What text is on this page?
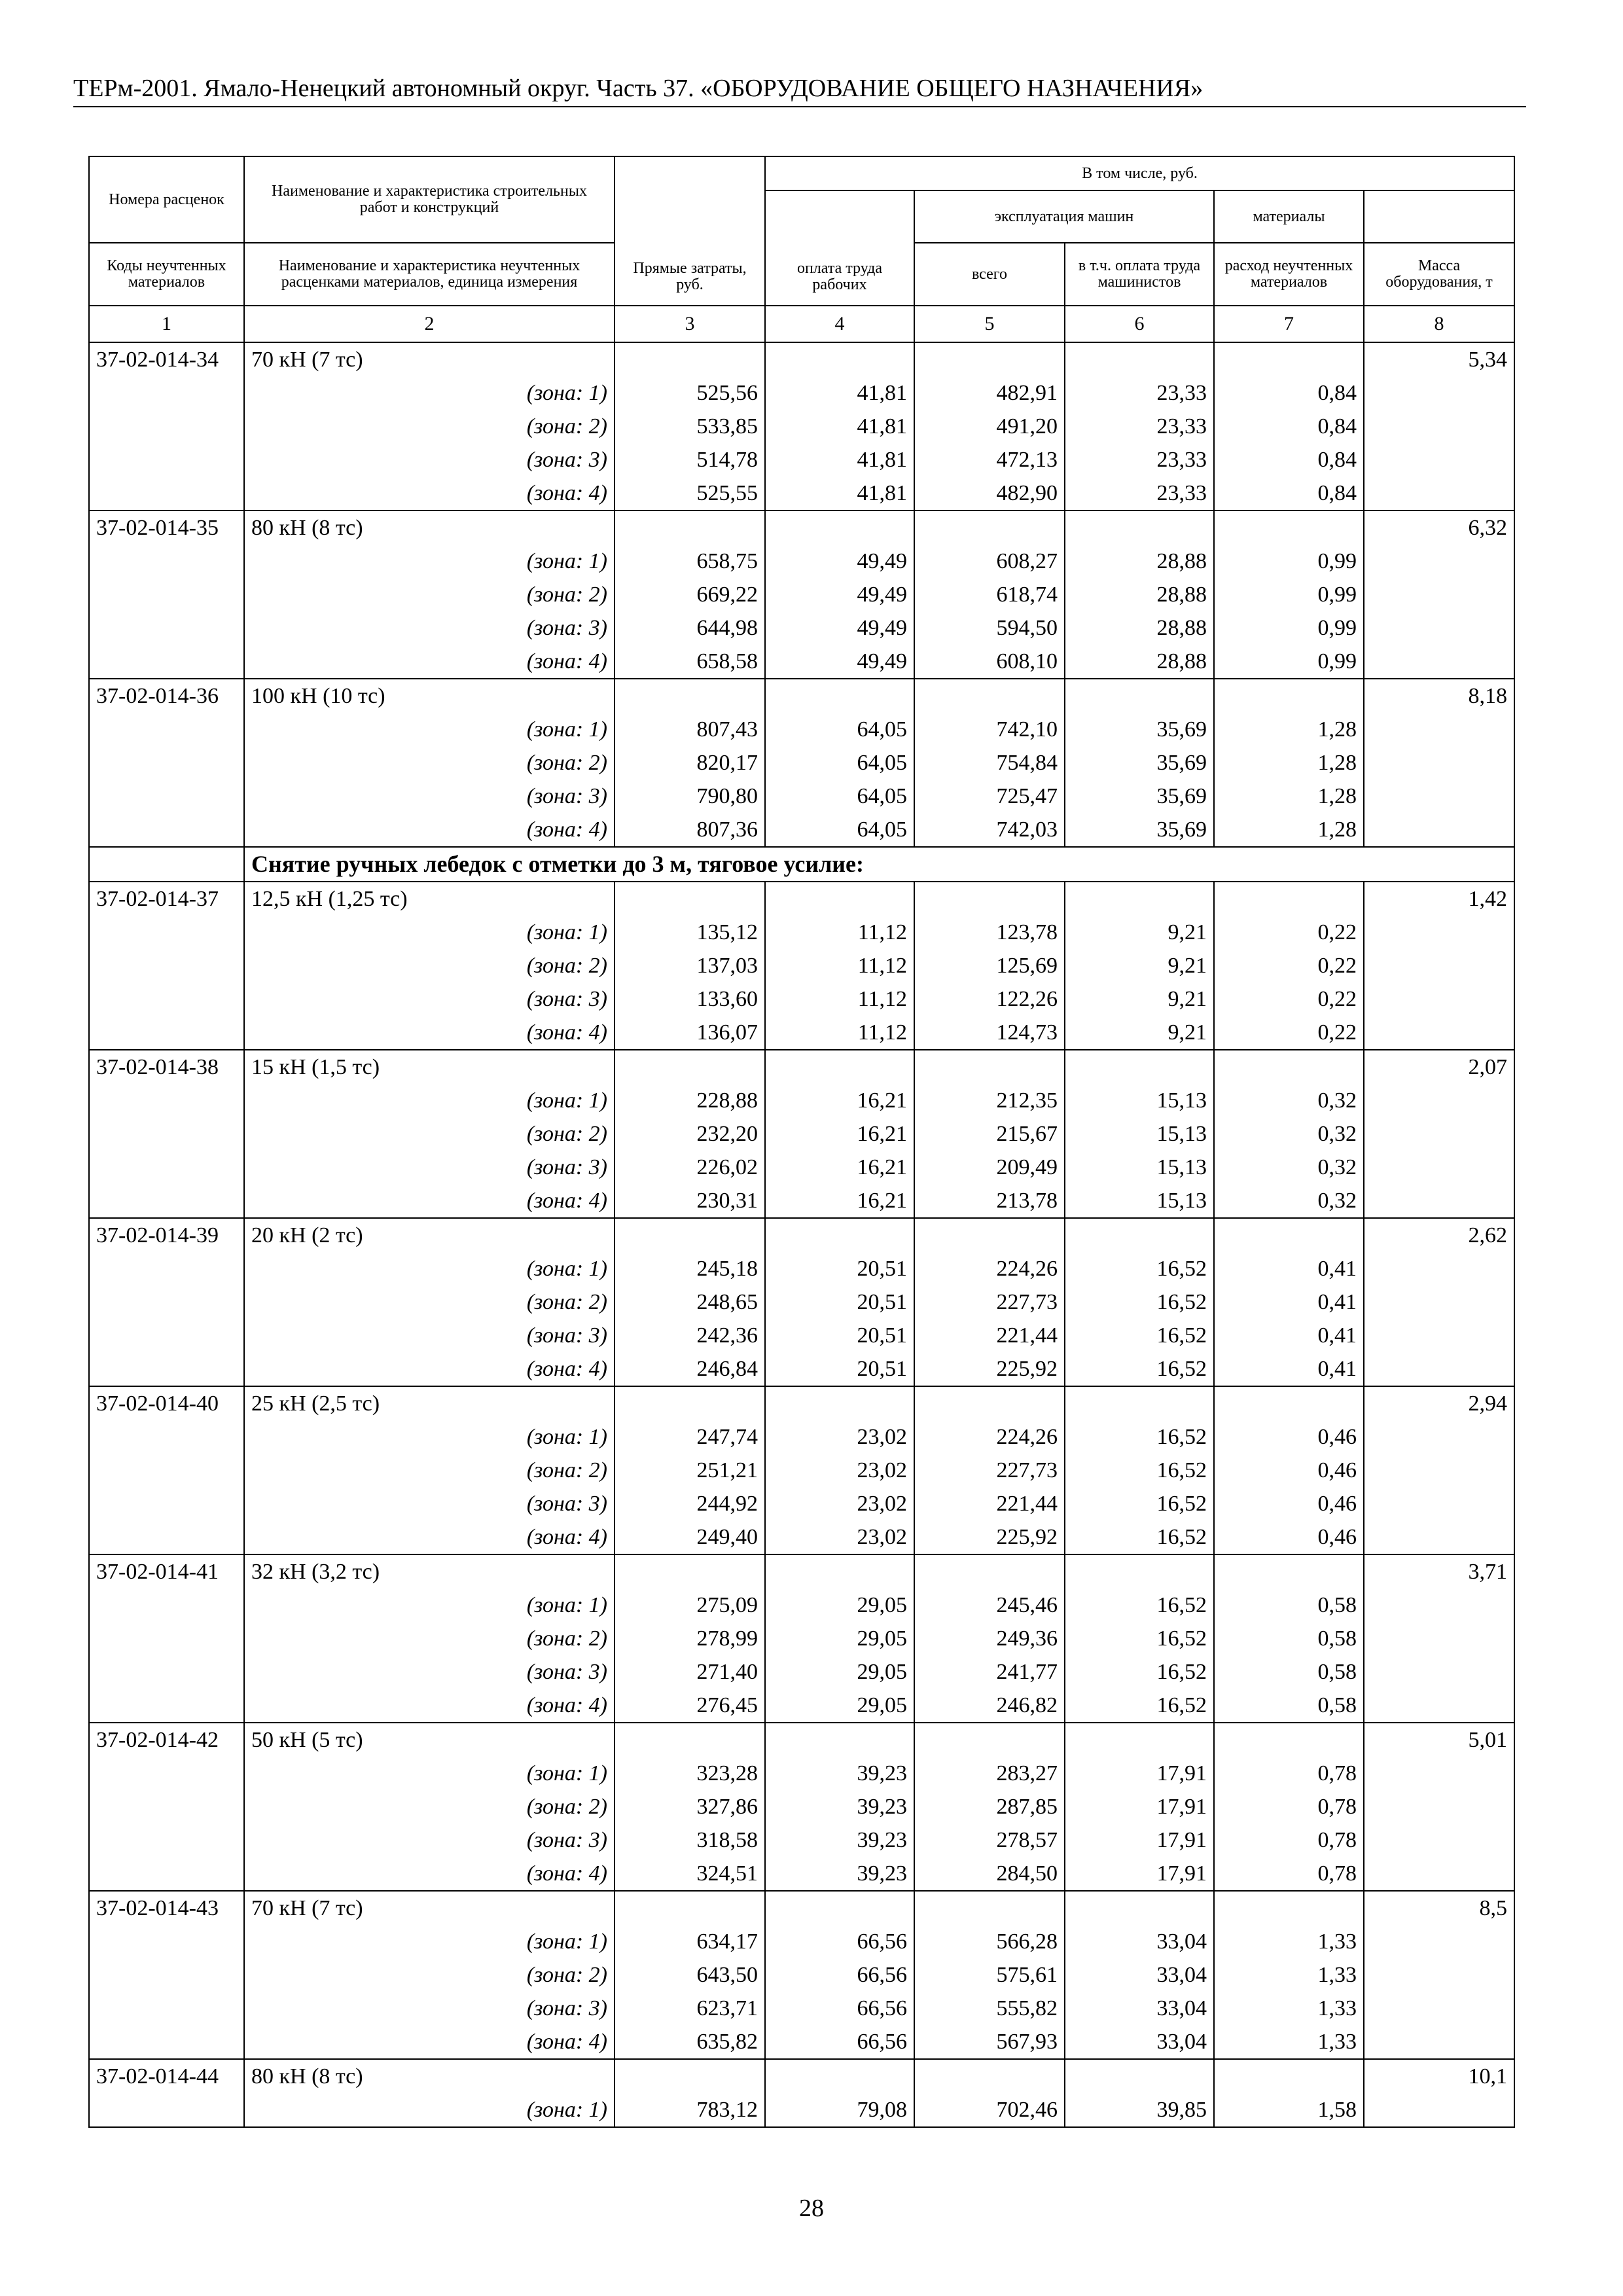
ТЕРм-2001. Ямало-Ненецкий автономный округ. Часть 37. «ОБОРУДОВАНИЕ ОБЩЕГО НАЗНАЧЕНИЯ»
Номера расценок	Наименование и характеристика строительных работ и конструкций	Прямые затраты, руб.	В том числе, руб.	
			оплата труда рабочих	эксплуатация машин		материалы		
Коды неучтенных материалов	Наименование и характеристика неучтенных расценками материалов, единица измерения			всего	в т.ч. оплата труда машинистов	расход неучтенных материалов	Масса оборудования, т	
1	2	3	4	5	6	7	8	
37-02-014-34	70 кН (7 тс)						5,34	
	(зона: 1)	525,56	41,81	482,91	23,33	0,84		
	(зона: 2)	533,85	41,81	491,20	23,33	0,84		
	(зона: 3)	514,78	41,81	472,13	23,33	0,84		
	(зона: 4)	525,55	41,81	482,90	23,33	0,84		
37-02-014-35	80 кН (8 тс)						6,32	
	(зона: 1)	658,75	49,49	608,27	28,88	0,99		
	(зона: 2)	669,22	49,49	618,74	28,88	0,99		
	(зона: 3)	644,98	49,49	594,50	28,88	0,99		
	(зона: 4)	658,58	49,49	608,10	28,88	0,99		
37-02-014-36	100 кН (10 тс)						8,18	
	(зона: 1)	807,43	64,05	742,10	35,69	1,28		
	(зона: 2)	820,17	64,05	754,84	35,69	1,28		
	(зона: 3)	790,80	64,05	725,47	35,69	1,28		
	(зона: 4)	807,36	64,05	742,03	35,69	1,28		
	Снятие ручных лебедок с отметки до 3 м, тяговое усилие:							
37-02-014-37	12,5 кН (1,25 тс)						1,42	
	(зона: 1)	135,12	11,12	123,78	9,21	0,22		
	(зона: 2)	137,03	11,12	125,69	9,21	0,22		
	(зона: 3)	133,60	11,12	122,26	9,21	0,22		
	(зона: 4)	136,07	11,12	124,73	9,21	0,22		
37-02-014-38	15 кН (1,5 тс)						2,07	
	(зона: 1)	228,88	16,21	212,35	15,13	0,32		
	(зона: 2)	232,20	16,21	215,67	15,13	0,32		
	(зона: 3)	226,02	16,21	209,49	15,13	0,32		
	(зона: 4)	230,31	16,21	213,78	15,13	0,32		
37-02-014-39	20 кН (2 тс)						2,62	
	(зона: 1)	245,18	20,51	224,26	16,52	0,41		
	(зона: 2)	248,65	20,51	227,73	16,52	0,41		
	(зона: 3)	242,36	20,51	221,44	16,52	0,41		
	(зона: 4)	246,84	20,51	225,92	16,52	0,41		
37-02-014-40	25 кН (2,5 тс)						2,94	
	(зона: 1)	247,74	23,02	224,26	16,52	0,46		
	(зона: 2)	251,21	23,02	227,73	16,52	0,46		
	(зона: 3)	244,92	23,02	221,44	16,52	0,46		
	(зона: 4)	249,40	23,02	225,92	16,52	0,46		
37-02-014-41	32 кН (3,2 тс)						3,71	
	(зона: 1)	275,09	29,05	245,46	16,52	0,58		
	(зона: 2)	278,99	29,05	249,36	16,52	0,58		
	(зона: 3)	271,40	29,05	241,77	16,52	0,58		
	(зона: 4)	276,45	29,05	246,82	16,52	0,58		
37-02-014-42	50 кН (5 тс)						5,01	
	(зона: 1)	323,28	39,23	283,27	17,91	0,78		
	(зона: 2)	327,86	39,23	287,85	17,91	0,78		
	(зона: 3)	318,58	39,23	278,57	17,91	0,78		
	(зона: 4)	324,51	39,23	284,50	17,91	0,78		
37-02-014-43	70 кН (7 тс)						8,5	
	(зона: 1)	634,17	66,56	566,28	33,04	1,33		
	(зона: 2)	643,50	66,56	575,61	33,04	1,33		
	(зона: 3)	623,71	66,56	555,82	33,04	1,33		
	(зона: 4)	635,82	66,56	567,93	33,04	1,33		
37-02-014-44	80 кН (8 тс)						10,1	
	(зона: 1)	783,12	79,08	702,46	39,85	1,58		
28
